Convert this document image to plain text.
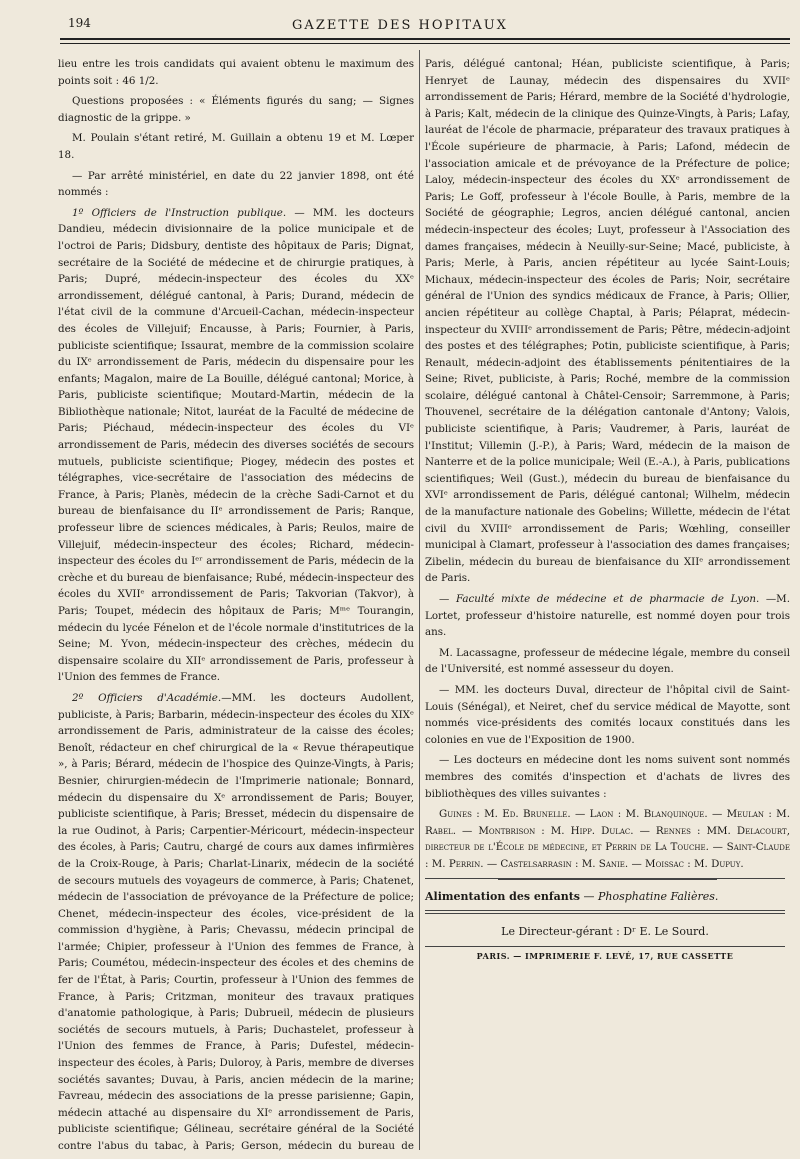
194	GAZETTE DES HOPITAUX

lieu entre les trois candidats qui avaient obtenu le maximum des points soit : 46 1/2.

Questions proposées : « Éléments figurés du sang; — Signes diagnostic de la grippe. »

M. Poulain s'étant retiré, M. Guillain a obtenu 19 et M. Lœper 18.

— Par arrêté ministériel, en date du 22 janvier 1898, ont été nommés :

1º Officiers de l'Instruction publique. — MM. les docteurs Dandieu, médecin divisionnaire de la police municipale et de l'octroi de Paris; Didsbury, dentiste des hôpitaux de Paris; Dignat, secrétaire de la Société de médecine et de chirurgie pratiques, à Paris; Dupré, médecin-inspecteur des écoles du XXᵉ arrondissement, délégué cantonal, à Paris; Durand, médecin de l'état civil de la commune d'Arcueil-Cachan, médecin-inspecteur des écoles de Villejuif; Encausse, à Paris; Fournier, à Paris, publiciste scientifique; Issaurat, membre de la commission scolaire du IXᵉ arrondissement de Paris, médecin du dispensaire pour les enfants; Magalon, maire de La Bouille, délégué cantonal; Morice, à Paris, publiciste scientifique; Moutard-Martin, médecin de la Bibliothèque nationale; Nitot, lauréat de la Faculté de médecine de Paris; Piéchaud, médecin-inspecteur des écoles du VIᵉ arrondissement de Paris, médecin des diverses sociétés de secours mutuels, publiciste scientifique; Piogey, médecin des postes et télégraphes, vice-secrétaire de l'association des médecins de France, à Paris; Planès, médecin de la crèche Sadi-Carnot et du bureau de bienfaisance du IIᵉ arrondissement de Paris; Ranque, professeur libre de sciences médicales, à Paris; Reulos, maire de Villejuif, médecin-inspecteur des écoles; Richard, médecin-inspecteur des écoles du Iᵉʳ arrondissement de Paris, médecin de la crèche et du bureau de bienfaisance; Rubé, médecin-inspecteur des écoles du XVIIᵉ arrondissement de Paris; Takvorian (Takvor), à Paris; Toupet, médecin des hôpitaux de Paris; Mᵐᵉ Tourangin, médecin du lycée Fénelon et de l'école normale d'institutrices de la Seine; M. Yvon, médecin-inspecteur des crèches, médecin du dispensaire scolaire du XIIᵉ arrondissement de Paris, professeur à l'Union des femmes de France.

2º Officiers d'Académie.—MM. les docteurs Audollent, publiciste, à Paris; Barbarin, médecin-inspecteur des écoles du XIXᵉ arrondissement de Paris, administrateur de la caisse des écoles; Benoît, rédacteur en chef chirurgical de la « Revue thérapeutique », à Paris; Bérard, médecin de l'hospice des Quinze-Vingts, à Paris; Besnier, chirurgien-médecin de l'Imprimerie nationale; Bonnard, médecin du dispensaire du Xᵉ arrondissement de Paris; Bouyer, publiciste scientifique, à Paris; Bresset, médecin du dispensaire de la rue Oudinot, à Paris; Carpentier-Méricourt, médecin-inspecteur des écoles, à Paris; Cautru, chargé de cours aux dames infirmières de la Croix-Rouge, à Paris; Charlat-Linarix, médecin de la société de secours mutuels des voyageurs de commerce, à Paris; Chatenet, médecin de l'association de prévoyance de la Préfecture de police; Chenet, médecin-inspecteur des écoles, vice-président de la commission d'hygiène, à Paris; Chevassu, médecin principal de l'armée; Chipier, professeur à l'Union des femmes de France, à Paris; Coumétou, médecin-inspecteur des écoles et des chemins de fer de l'État, à Paris; Courtin, professeur à l'Union des femmes de France, à Paris; Critzman, moniteur des travaux pratiques d'anatomie pathologique, à Paris; Dubrueil, médecin de plusieurs sociétés de secours mutuels, à Paris; Duchastelet, professeur à l'Union des femmes de France, à Paris; Dufestel, médecin-inspecteur des écoles, à Paris; Duloroy, à Paris, membre de diverses sociétés savantes; Duvau, à Paris, ancien médecin de la marine; Favreau, médecin des associations de la presse parisienne; Gapin, médecin attaché au dispensaire du XIᵉ arrondissement de Paris, publiciste scientifique; Gélineau, secrétaire général de la Société contre l'abus du tabac, à Paris; Gerson, médecin du bureau de

Paris, délégué cantonal; Héan, publiciste scientifique, à Paris; Henryet de Launay, médecin des dispensaires du XVIIᵉ arrondissement de Paris; Hérard, membre de la Société d'hydrologie, à Paris; Kalt, médecin de la clinique des Quinze-Vingts, à Paris; Lafay, lauréat de l'école de pharmacie, préparateur des travaux pratiques à l'École supérieure de pharmacie, à Paris; Lafond, médecin de l'association amicale et de prévoyance de la Préfecture de police; Laloy, médecin-inspecteur des écoles du XXᵉ arrondissement de Paris; Le Goff, professeur à l'école Boulle, à Paris, membre de la Société de géographie; Legros, ancien délégué cantonal, ancien médecin-inspecteur des écoles; Luyt, professeur à l'Association des dames françaises, médecin à Neuilly-sur-Seine; Macé, publiciste, à Paris; Merle, à Paris, ancien répétiteur au lycée Saint-Louis; Michaux, médecin-inspecteur des écoles de Paris; Noir, secrétaire général de l'Union des syndics médicaux de France, à Paris; Ollier, ancien répétiteur au collège Chaptal, à Paris; Pélaprat, médecin-inspecteur du XVIIIᵉ arrondissement de Paris; Pêtre, médecin-adjoint des postes et des télégraphes; Potin, publiciste scientifique, à Paris; Renault, médecin-adjoint des établissements pénitentiaires de la Seine; Rivet, publiciste, à Paris; Roché, membre de la commission scolaire, délégué cantonal à Châtel-Censoir; Sarremmone, à Paris; Thouvenel, secrétaire de la délégation cantonale d'Antony; Valois, publiciste scientifique, à Paris; Vaudremer, à Paris, lauréat de l'Institut; Villemin (J.-P.), à Paris; Ward, médecin de la maison de Nanterre et de la police municipale; Weil (E.-A.), à Paris, publications scientifiques; Weil (Gust.), médecin du bureau de bienfaisance du XVIᵉ arrondissement de Paris, délégué cantonal; Wilhelm, médecin de la manufacture nationale des Gobelins; Willette, médecin de l'état civil du XVIIIᵉ arrondissement de Paris; Wœhling, conseiller municipal à Clamart, professeur à l'association des dames françaises; Zibelin, médecin du bureau de bienfaisance du XIIᵉ arrondissement de Paris.

— Faculté mixte de médecine et de pharmacie de Lyon. —M. Lortet, professeur d'histoire naturelle, est nommé doyen pour trois ans.

M. Lacassagne, professeur de médecine légale, membre du conseil de l'Université, est nommé assesseur du doyen.

— MM. les docteurs Duval, directeur de l'hôpital civil de Saint-Louis (Sénégal), et Neiret, chef du service médical de Mayotte, sont nommés vice-présidents des comités locaux constitués dans les colonies en vue de l'Exposition de 1900.

— Les docteurs en médecine dont les noms suivent sont nommés membres des comités d'inspection et d'achats de livres des bibliothèques des villes suivantes :

Guines : M. Ed. Brunelle. — Laon : M. Blanquinque. — Meulan : M. Rabel. — Montbrison : M. Hipp. Dulac. — Rennes : MM. Delacourt, directeur de l'École de médecine, et Perrin de La Touche. — Saint-Claude : M. Perrin. — Castelsarrasin : M. Sanie. — Moissac : M. Dupuy.

Alimentation des enfants — Phosphatine Falières.
Le Directeur-gérant : Dʳ E. Le Sourd.
PARIS. — IMPRIMERIE F. LEVÉ, 17, RUE CASSETTE
